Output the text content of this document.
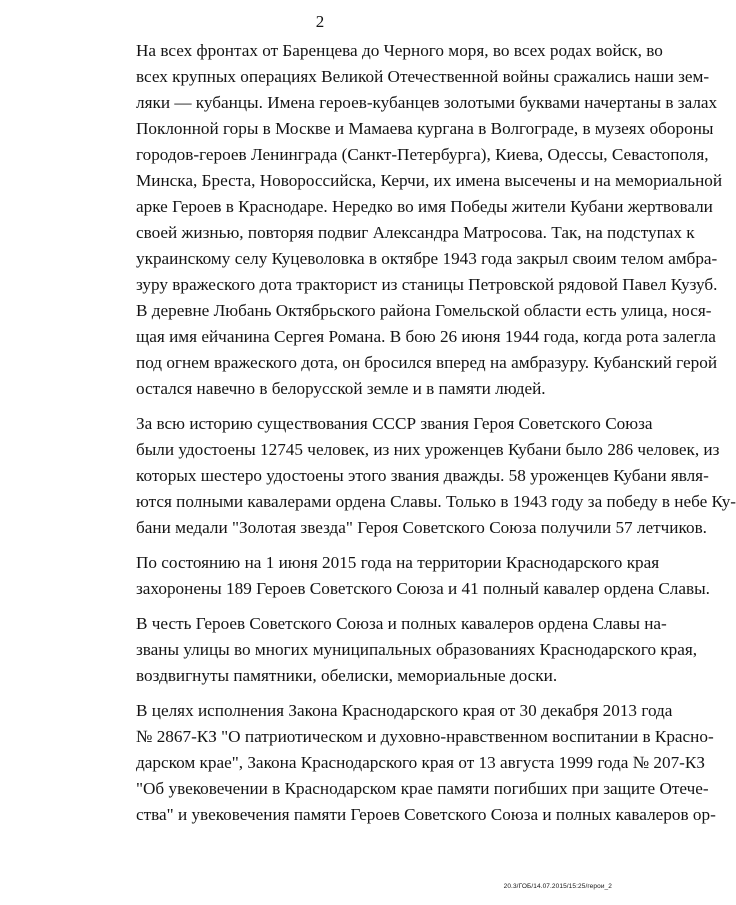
2

На всех фронтах от Баренцева до Черного моря, во всех родах войск, во
всех крупных операциях Великой Отечественной войны сражались наши зем-
ляки — кубанцы. Имена героев-кубанцев золотыми буквами начертаны в залах
Поклонной горы в Москве и Мамаева кургана в Волгограде, в музеях обороны
городов-героев Ленинграда (Санкт-Петербурга), Киева, Одессы, Севастополя,
Минска, Бреста, Новороссийска, Керчи, их имена высечены и на мемориальной
арке Героев в Краснодаре. Нередко во имя Победы жители Кубани жертвовали
своей жизнью, повторяя подвиг Александра Матросова. Так, на подступах к
украинскому селу Куцеволовка в октябре 1943 года закрыл своим телом амбра-
зуру вражеского дота тракторист из станицы Петровской рядовой Павел Кузуб.
В деревне Любань Октябрьского района Гомельской области есть улица, нося-
щая имя ейчанина Сергея Романа. В бою 26 июня 1944 года, когда рота залегла
под огнем вражеского дота, он бросился вперед на амбразуру. Кубанский герой
остался навечно в белорусской земле и в памяти людей.

За всю историю существования СССР звания Героя Советского Союза
были удостоены 12745 человек, из них уроженцев Кубани было 286 человек, из
которых шестеро удостоены этого звания дважды. 58 уроженцев Кубани явля-
ются полными кавалерами ордена Славы. Только в 1943 году за победу в небе Ку-
бани медали "Золотая звезда" Героя Советского Союза получили 57 летчиков.

По состоянию на 1 июня 2015 года на территории Краснодарского края
захоронены 189 Героев Советского Союза и 41 полный кавалер ордена Славы.

В честь Героев Советского Союза и полных кавалеров ордена Славы на-
званы улицы во многих муниципальных образованиях Краснодарского края,
воздвигнуты памятники, обелиски, мемориальные доски.

В целях исполнения Закона Краснодарского края от 30 декабря 2013 года
№ 2867-КЗ "О патриотическом и духовно-нравственном воспитании в Красно-
дарском крае", Закона Краснодарского края от 13 августа 1999 года № 207-КЗ
"Об увековечении в Краснодарском крае памяти погибших при защите Отече-
ства" и увековечения памяти Героев Советского Союза и полных кавалеров ор-

20.3/ГОБ/14.07.2015/15:25/герои_2
